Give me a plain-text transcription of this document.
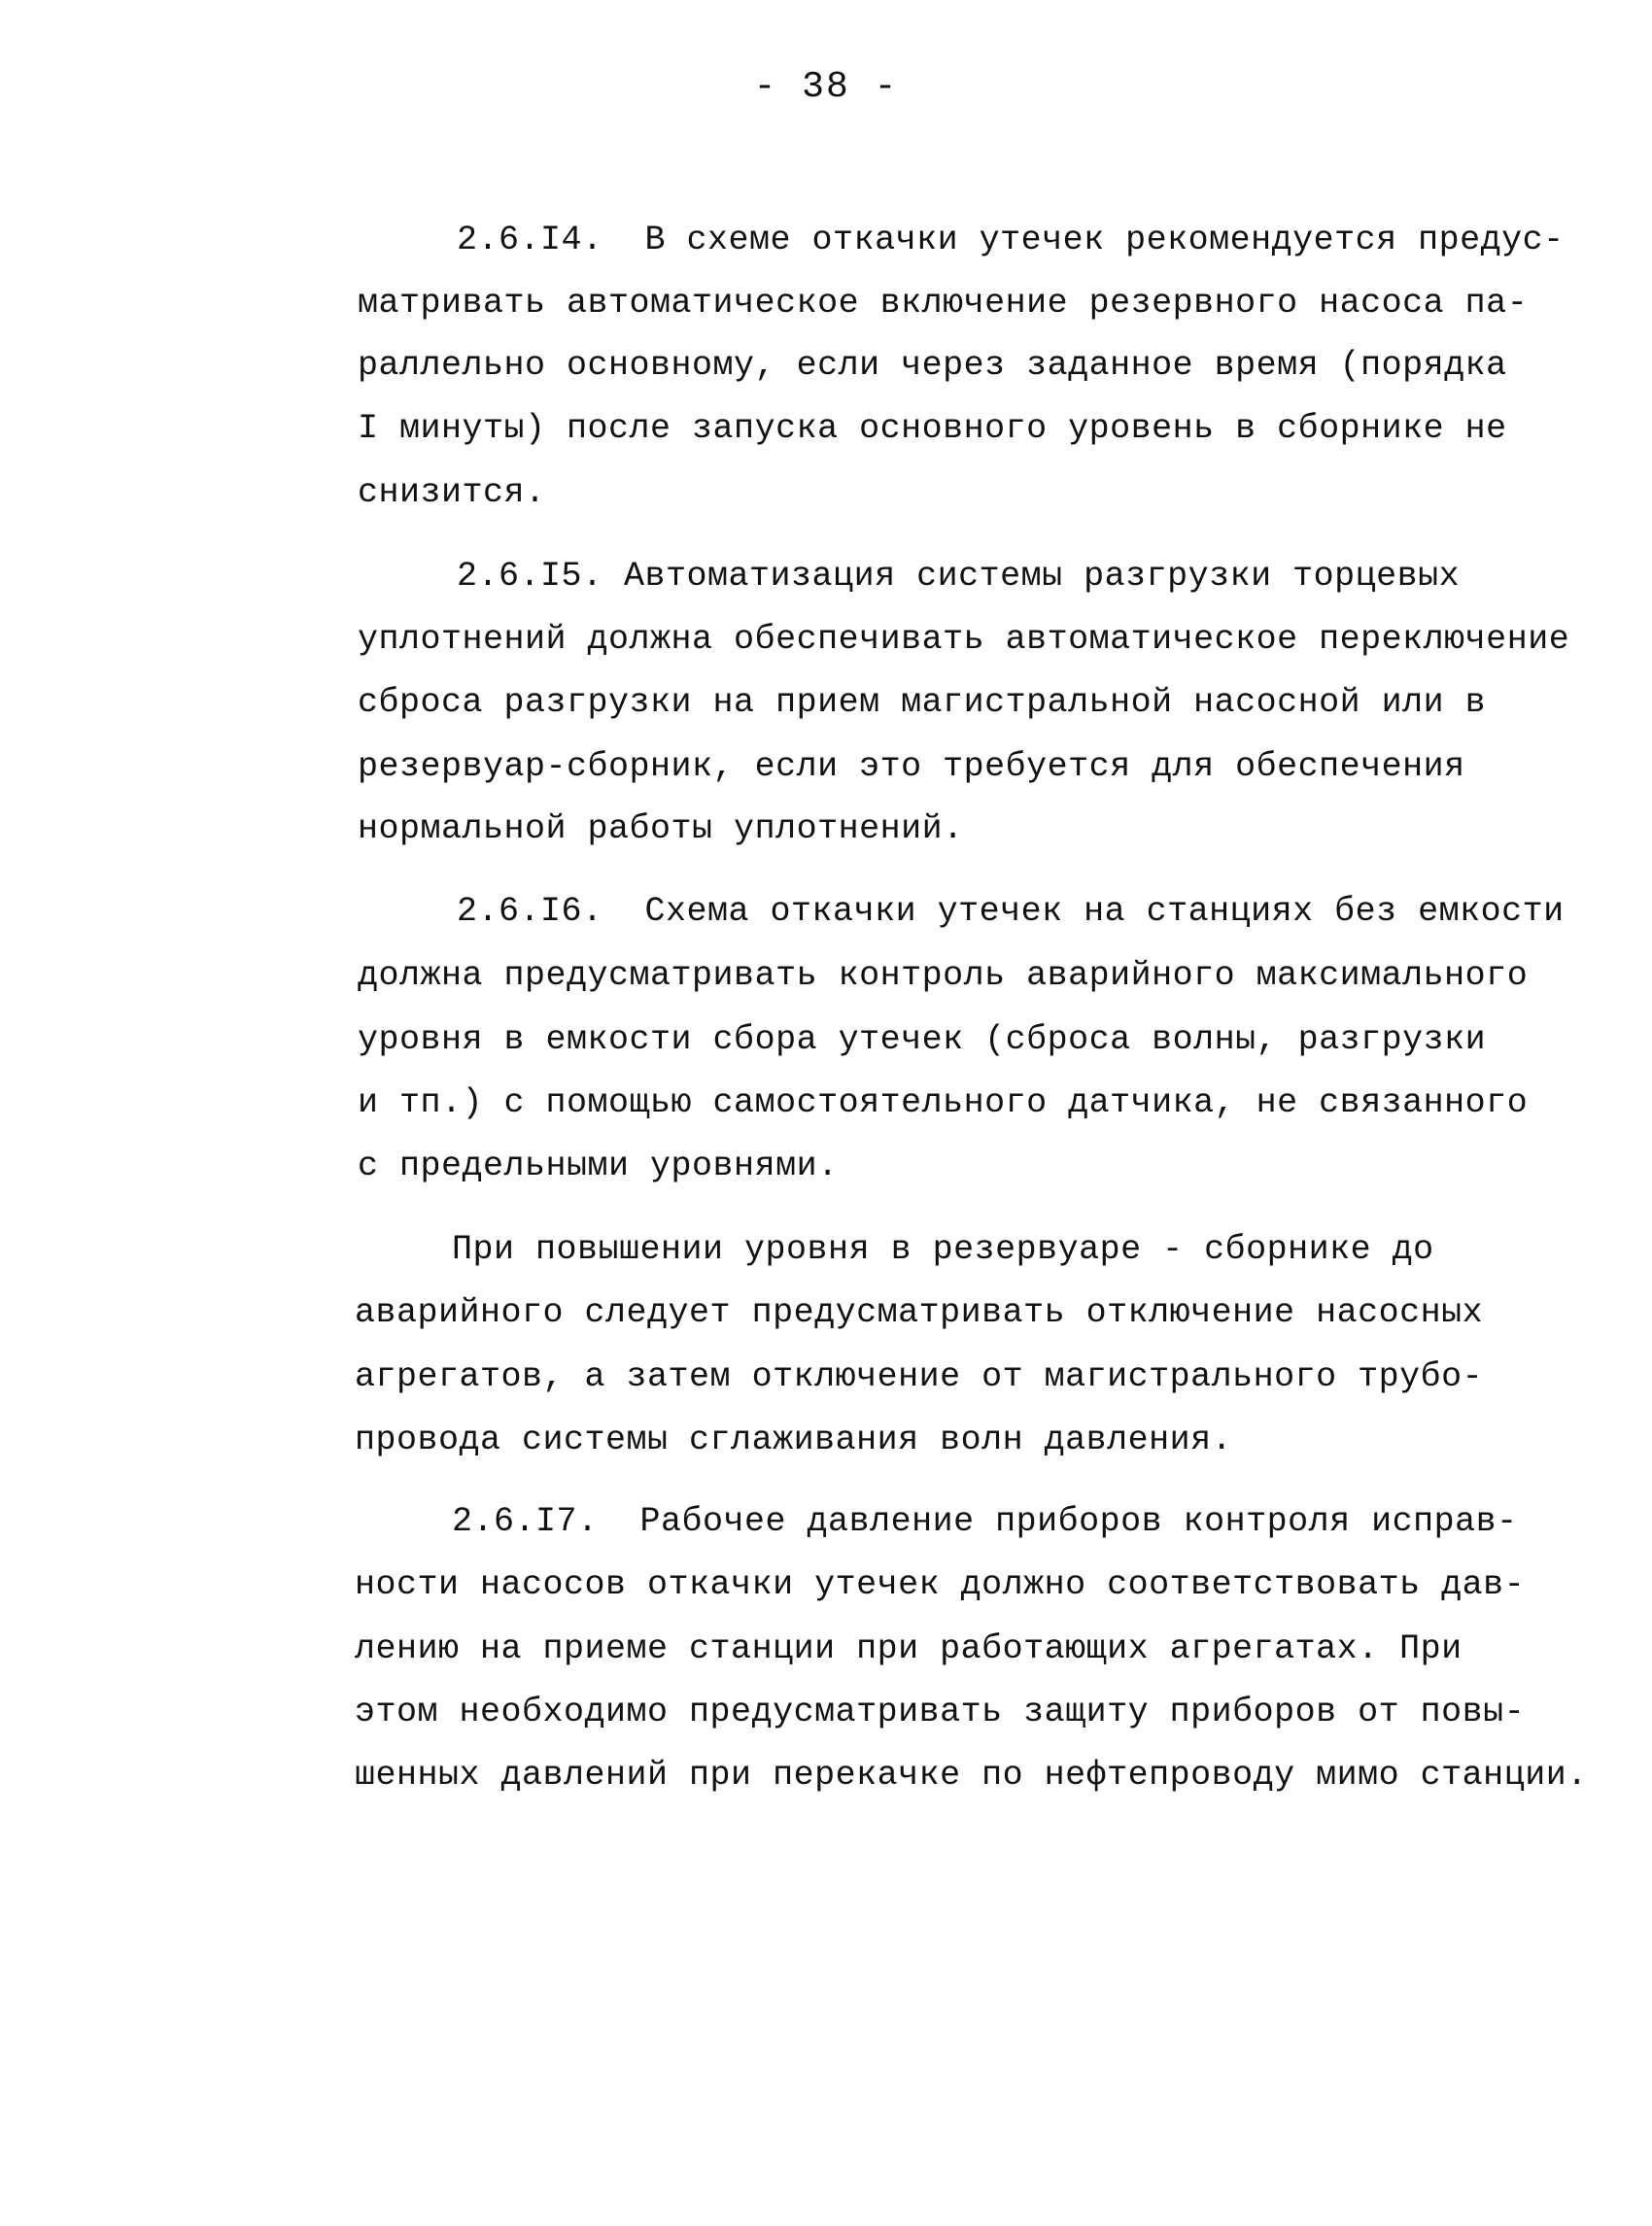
- 38 -
2.6.I4.  В схеме откачки утечек рекомендуется предус-
матривать автоматическое включение резервного насоса па-
раллельно основному, если через заданное время (порядка
I минуты) после запуска основного уровень в сборнике не
снизится.
2.6.I5. Автоматизация системы разгрузки торцевых
уплотнений должна обеспечивать автоматическое переключение
сброса разгрузки на прием магистральной насосной или в
резервуар-сборник, если это требуется для обеспечения
нормальной работы уплотнений.
2.6.I6.  Схема откачки утечек на станциях без емкости
должна предусматривать контроль аварийного максимального
уровня в емкости сбора утечек (сброса волны, разгрузки
и тп.) с помощью самостоятельного датчика, не связанного
с предельными уровнями.
При повышении уровня в резервуаре - сборнике до
аварийного следует предусматривать отключение насосных
агрегатов, а затем отключение от магистрального трубо-
провода системы сглаживания волн давления.
2.6.I7.  Рабочее давление приборов контроля исправ-
ности насосов откачки утечек должно соответствовать дав-
лению на приеме станции при работающих агрегатах. При
этом необходимо предусматривать защиту приборов от повы-
шенных давлений при перекачке по нефтепроводу мимо станции.
